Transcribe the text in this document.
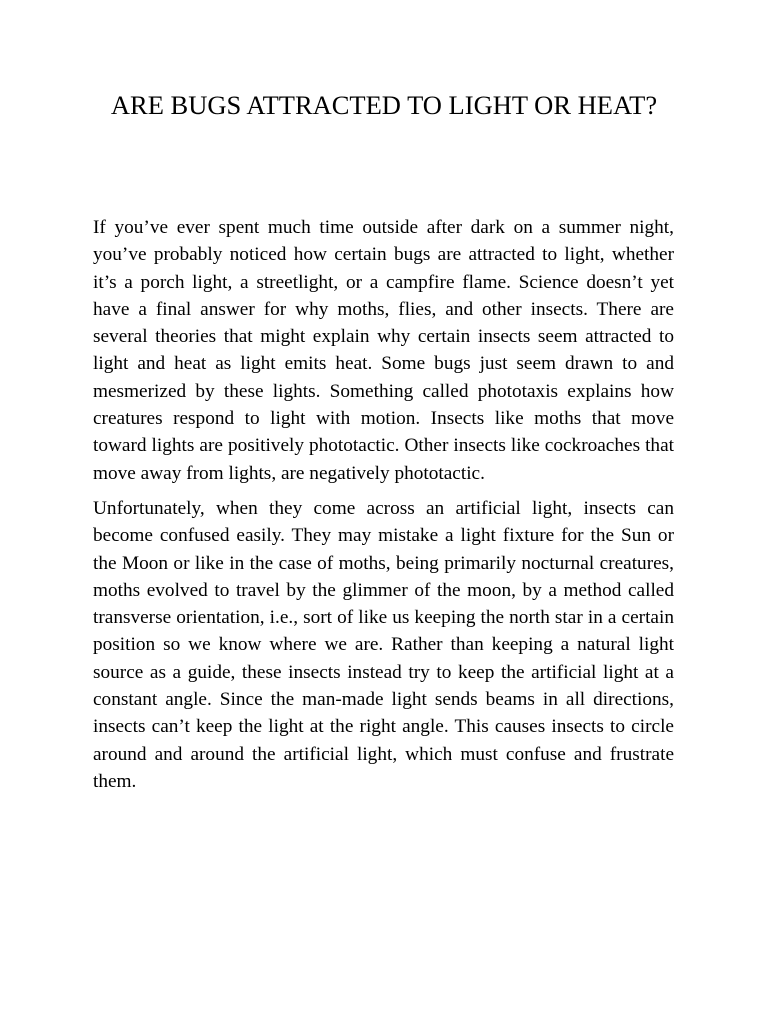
ARE BUGS ATTRACTED TO LIGHT OR HEAT?

If you’ve ever spent much time outside after dark on a summer night, you’ve probably noticed how certain bugs are attracted to light, whether it’s a porch light, a streetlight, or a campfire flame. Science doesn’t yet have a final answer for why moths, flies, and other insects. There are several theories that might explain why certain insects seem attracted to light and heat as light emits heat. Some bugs just seem drawn to and mesmerized by these lights. Something called phototaxis explains how creatures respond to light with motion. Insects like moths that move toward lights are positively phototactic. Other insects like cockroaches that move away from lights, are negatively phototactic.

Unfortunately, when they come across an artificial light, insects can become confused easily. They may mistake a light fixture for the Sun or the Moon or like in the case of moths, being primarily nocturnal creatures, moths evolved to travel by the glimmer of the moon, by a method called transverse orientation, i.e., sort of like us keeping the north star in a certain position so we know where we are. Rather than keeping a natural light source as a guide, these insects instead try to keep the artificial light at a constant angle. Since the man-made light sends beams in all directions, insects can’t keep the light at the right angle. This causes insects to circle around and around the artificial light, which must confuse and frustrate them.
